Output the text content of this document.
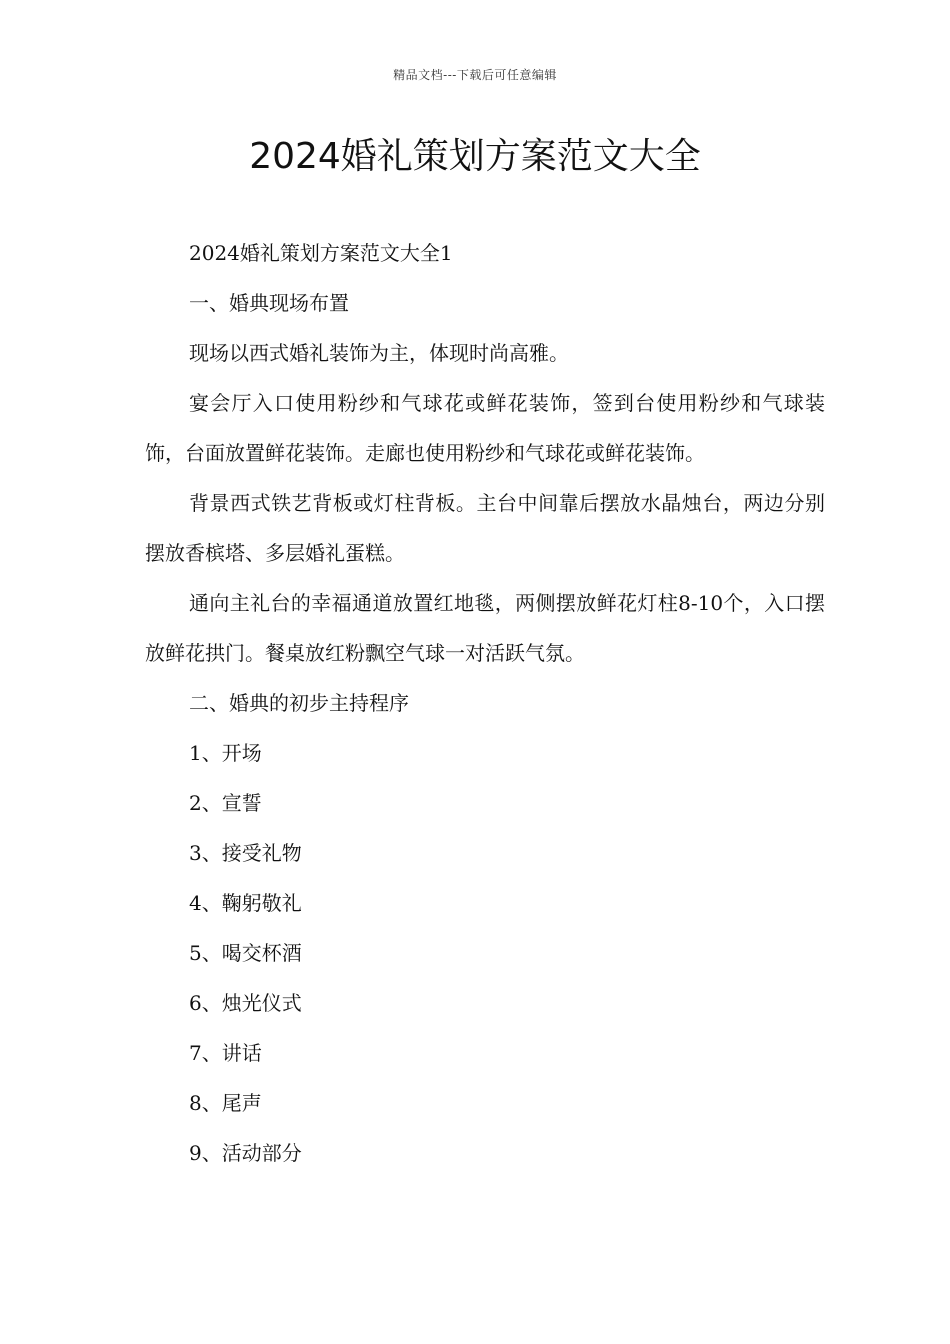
精品文档---下载后可任意编辑
2024婚礼策划方案范文大全

2024婚礼策划方案范文大全1

一、婚典现场布置

现场以西式婚礼装饰为主，体现时尚高雅。

宴会厅入口使用粉纱和气球花或鲜花装饰，签到台使用粉纱和气球装饰，台面放置鲜花装饰。走廊也使用粉纱和气球花或鲜花装饰。

背景西式铁艺背板或灯柱背板。主台中间靠后摆放水晶烛台，两边分别摆放香槟塔、多层婚礼蛋糕。

通向主礼台的幸福通道放置红地毯，两侧摆放鲜花灯柱8-10个，入口摆放鲜花拱门。餐桌放红粉飘空气球一对活跃气氛。

二、婚典的初步主持程序

1、开场

2、宣誓

3、接受礼物

4、鞠躬敬礼

5、喝交杯酒

6、烛光仪式

7、讲话

8、尾声

9、活动部分
